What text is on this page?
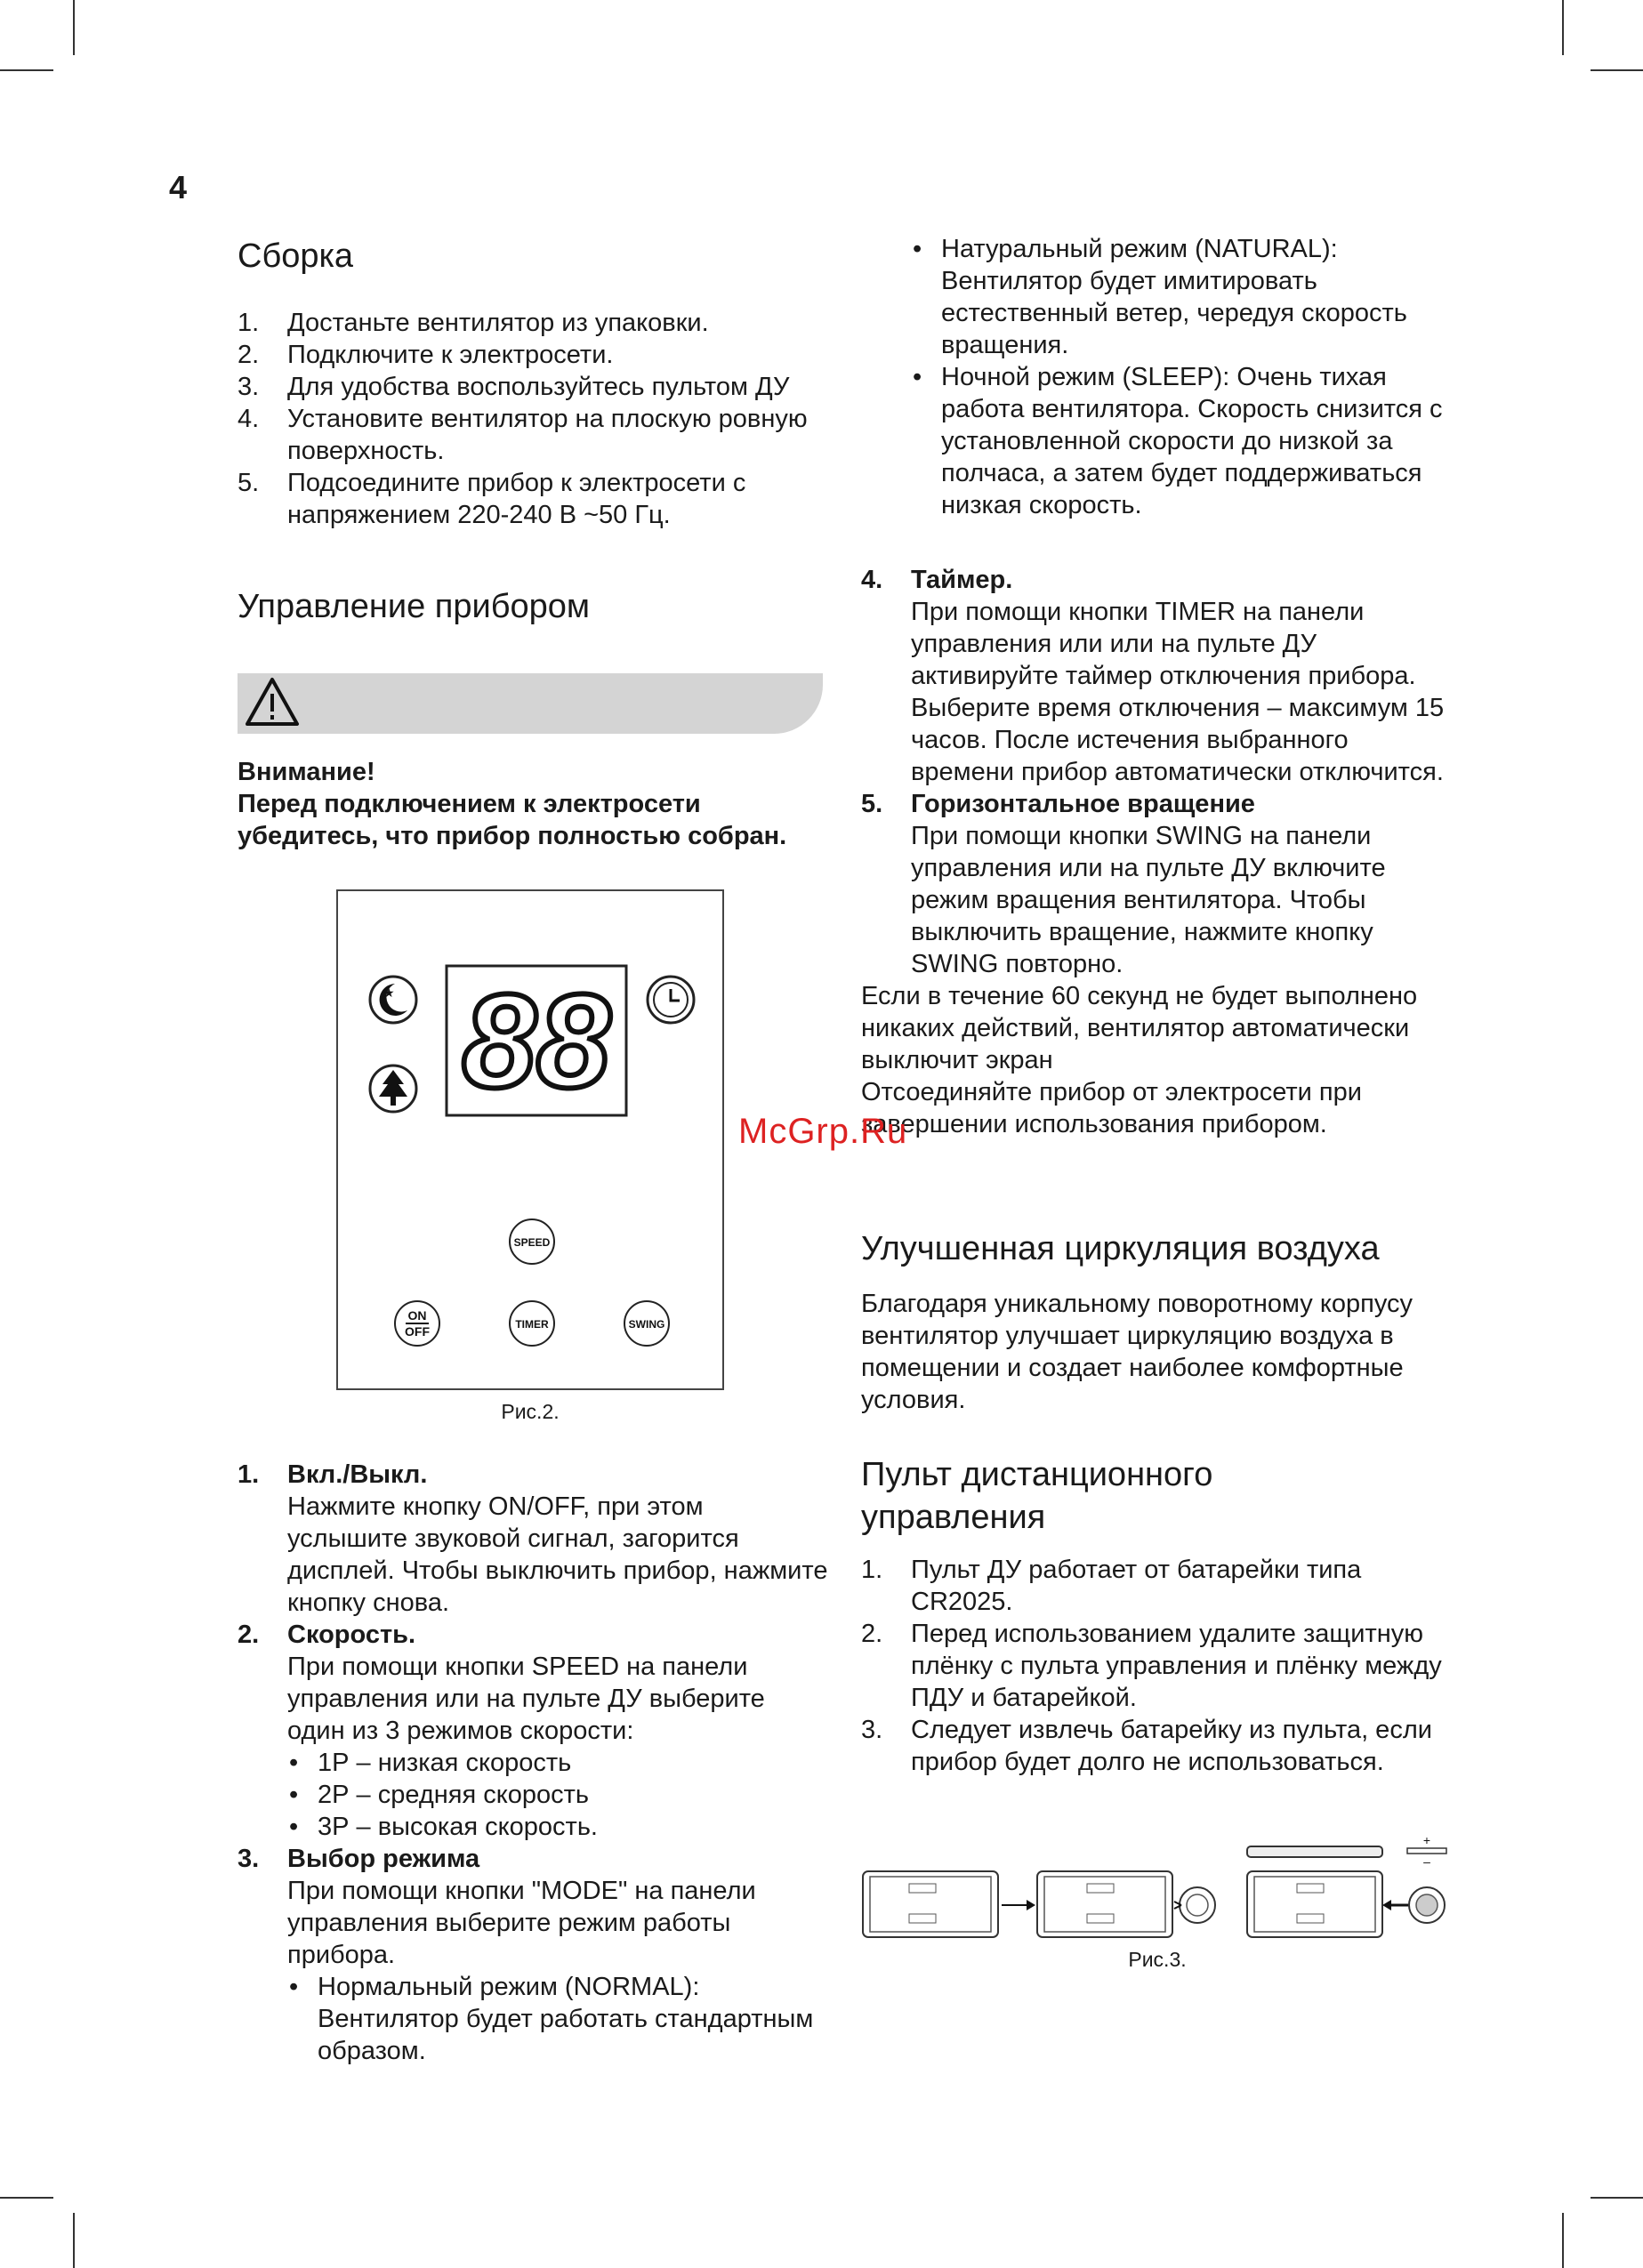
4
Сборка
1. Достаньте вентилятор из упаковки.
2. Подключите к электросети.
3. Для удобства воспользуйтесь пультом ДУ
4. Установите вентилятор на плоскую ровную поверхность.
5. Подсоедините прибор к электросети с напряжением 220-240 В ~50 Гц.
Управление прибором
Внимание!
Перед подключением к электросети убедитесь, что прибор полностью собран.
88
★
SPEED
ON
OFF	TIMER	SWING
Рис.2.
1. Вкл./Выкл.
Нажмите кнопку ON/OFF, при этом услышите звуковой сигнал, загорится дисплей. Чтобы выключить прибор, нажмите кнопку снова.
2. Скорость.
При помощи кнопки SPEED на панели управления или на пульте ДУ выберите один из 3 режимов скорости:
• 1Р – низкая скорость
• 2Р – средняя скорость
• 3Р – высокая скорость.
3. Выбор режима
При помощи кнопки "MODE" на панели управления выберите режим работы прибора.
• Нормальный режим (NORMAL): Вентилятор будет работать стандартным образом.
• Натуральный режим (NATURAL): Вентилятор будет имитировать естественный ветер, чередуя скорость вращения.
• Ночной режим (SLEEP): Очень тихая работа вентилятора. Скорость снизится с установленной скорости до низкой за полчаса, а затем будет поддерживаться низкая скорость.
4. Таймер.
При помощи кнопки TIMER на панели управления или или на пульте ДУ активируйте таймер отключения прибора. Выберите время отключения – максимум 15 часов. После истечения выбранного времени прибор автоматически отключится.
5. Горизонтальное вращение
При помощи кнопки SWING на панели управления или на пульте ДУ включите режим вращения вентилятора. Чтобы выключить вращение, нажмите кнопку SWING повторно.
Если в течение 60 секунд не будет выполнено никаких действий, вентилятор автоматически выключит экран
Отсоединяйте прибор от электросети при завершении использования прибором.
McGrp.Ru
Улучшенная циркуляция воздуха
Благодаря уникальному поворотному корпусу вентилятор улучшает циркуляцию воздуха в помещении и создает наиболее комфортные условия.
Пульт дистанционного
управления
1. Пульт ДУ работает от батарейки типа CR2025.
2. Перед использованием удалите защитную плёнку с пульта управления и плёнку между ПДУ и батарейкой.
3. Следует извлечь батарейку из пульта, если прибор будет долго не использоваться.
+
–
Рис.3.
